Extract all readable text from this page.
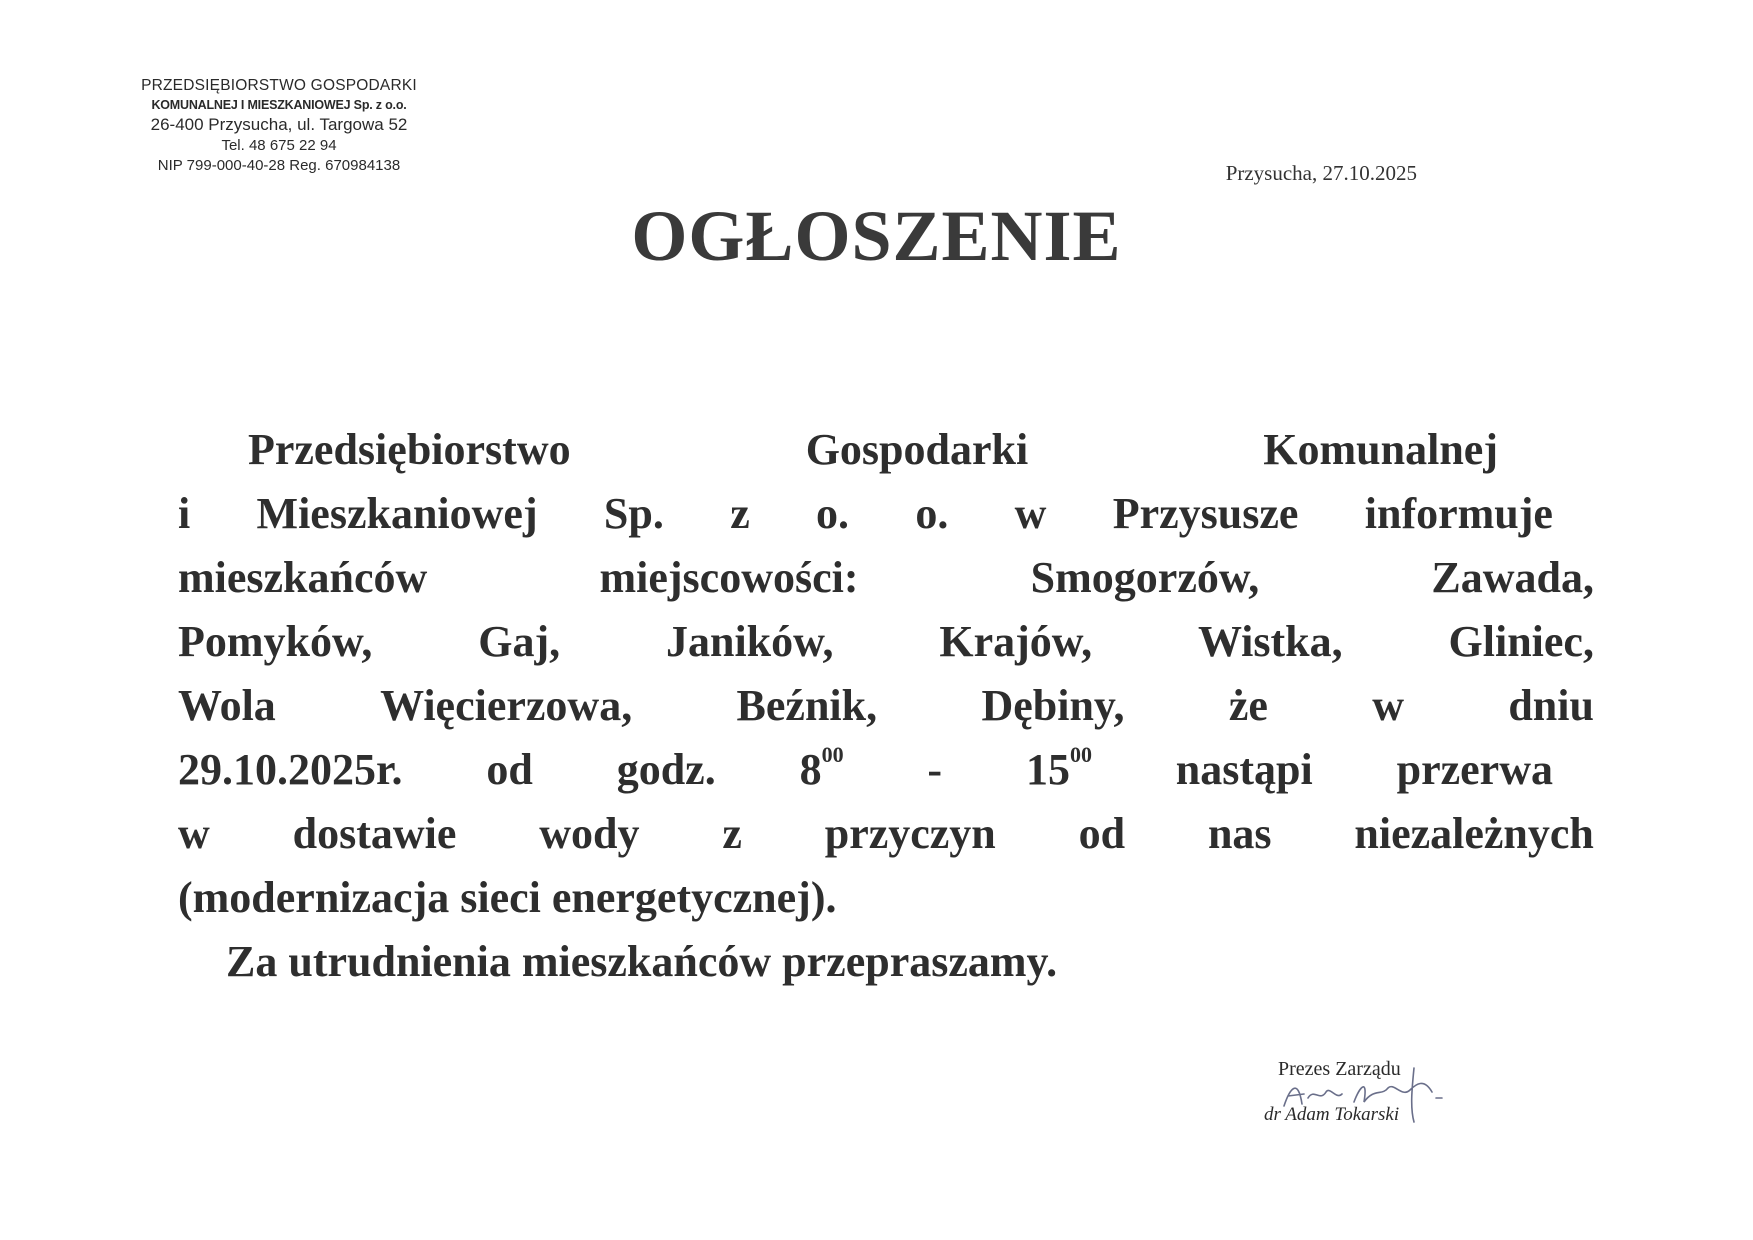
PRZEDSIĘBIORSTWO GOSPODARKI
KOMUNALNEJ I MIESZKANIOWEJ Sp. z o.o.
26-400 Przysucha, ul. Targowa 52
Tel. 48 675 22 94
NIP 799-000-40-28 Reg. 670984138	Przysucha, 27.10.2025
OGŁOSZENIE
Przedsiębiorstwo	Gospodarki	Komunalnej
i Mieszkaniowej Sp. z o. o. w Przysusze informuje
mieszkańców	miejscowości:	Smogorzów,	Zawada,
Pomyków, Gaj, Janików, Krajów, Wistka, Gliniec,
Wola Więcierzowa, Beźnik, Dębiny, że w dniu
29.10.2025r. od godz. $8^{00} - 15^{00}$ nastąpi przerwa
w dostawie wody z przyczyn od nas niezależnych
(modernizacja sieci energetycznej).
Za utrudnienia mieszkańców przepraszamy.
Prezes Zarządu
dr Adam Tokarski
